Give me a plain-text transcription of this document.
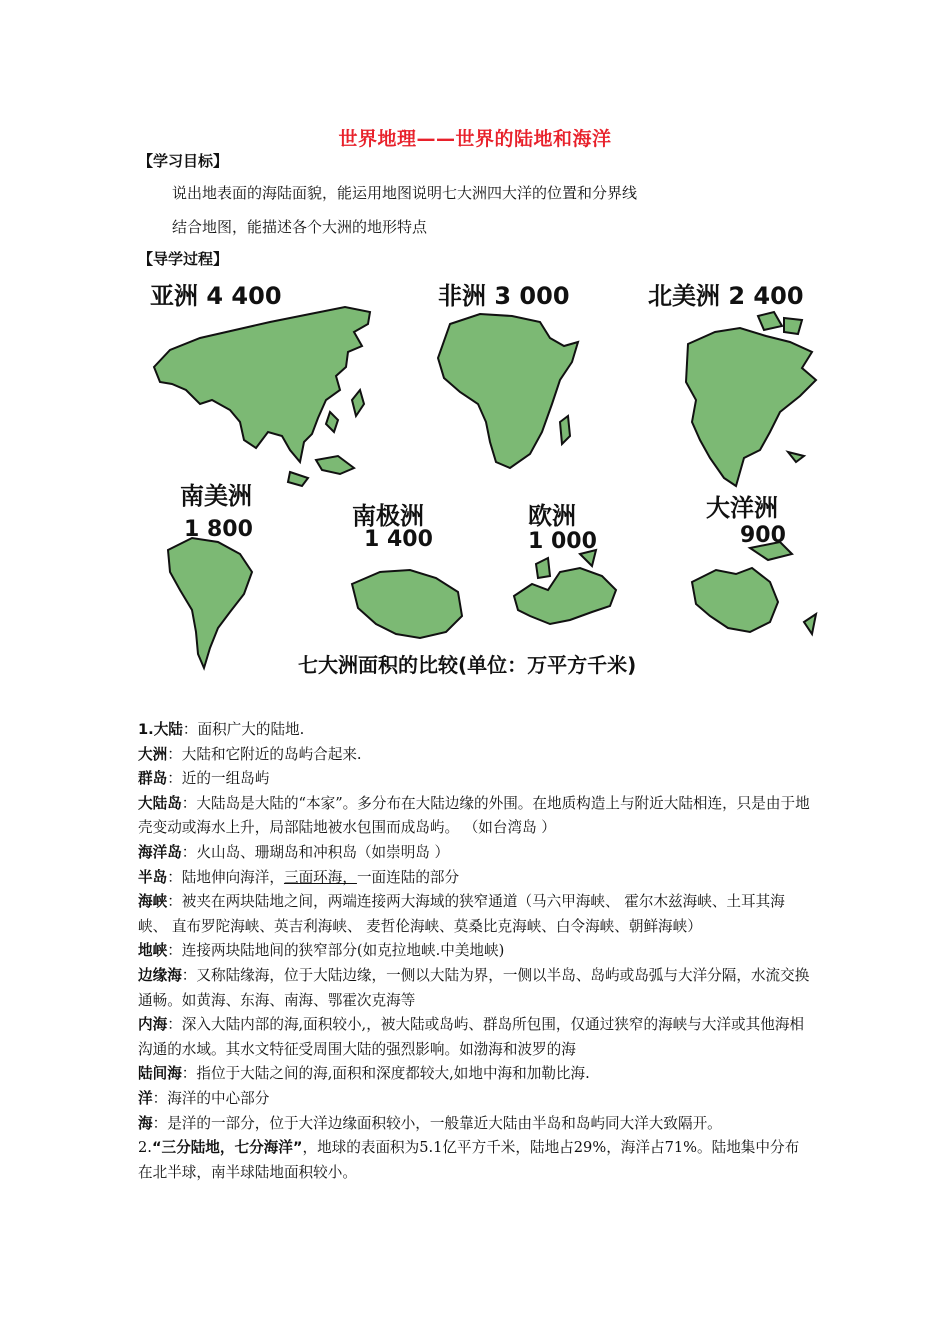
世界地理——世界的陆地和海洋
【学习目标】
说出地表面的海陆面貌，能运用地图说明七大洲四大洋的位置和分界线
结合地图，能描述各个大洲的地形特点
【导学过程】
亚洲 4 400	非洲 3 000	北美洲 2 400
南美洲
1 800	南极洲
1 400
欧洲
1 000
大洋洲
900
七大洲面积的比较(单位：万平方千米)

1.大陆：面积广大的陆地.

大洲：大陆和它附近的岛屿合起来.

群岛：近的一组岛屿

大陆岛：大陆岛是大陆的“本家”。多分布在大陆边缘的外围。在地质构造上与附近大陆相连，只是由于地壳变动或海水上升，局部陆地被水包围而成岛屿。 （如台湾岛 ）

海洋岛：火山岛、珊瑚岛和冲积岛（如崇明岛 ）

半岛：陆地伸向海洋，三面环海，一面连陆的部分

海峡：被夹在两块陆地之间，两端连接两大海域的狭窄通道（马六甲海峡、 霍尔木兹海峡、土耳其海峡、 直布罗陀海峡、英吉利海峡、 麦哲伦海峡、莫桑比克海峡、白令海峡、朝鲜海峡）

地峡：连接两块陆地间的狭窄部分(如克拉地峡.中美地峡)

边缘海：又称陆缘海，位于大陆边缘，一侧以大陆为界，一侧以半岛、岛屿或岛弧与大洋分隔，水流交换通畅。如黄海、东海、南海、鄂霍次克海等

内海：深入大陆内部的海,面积较小,，被大陆或岛屿、群岛所包围，仅通过狭窄的海峡与大洋或其他海相沟通的水域。其水文特征受周围大陆的强烈影响。如渤海和波罗的海

陆间海：指位于大陆之间的海,面积和深度都较大,如地中海和加勒比海.

洋：海洋的中心部分

海：是洋的一部分，位于大洋边缘面积较小，一般靠近大陆由半岛和岛屿同大洋大致隔开。

2.“三分陆地，七分海洋”，地球的表面积为5.1亿平方千米，陆地占29%，海洋占71%。陆地集中分布在北半球，南半球陆地面积较小。
